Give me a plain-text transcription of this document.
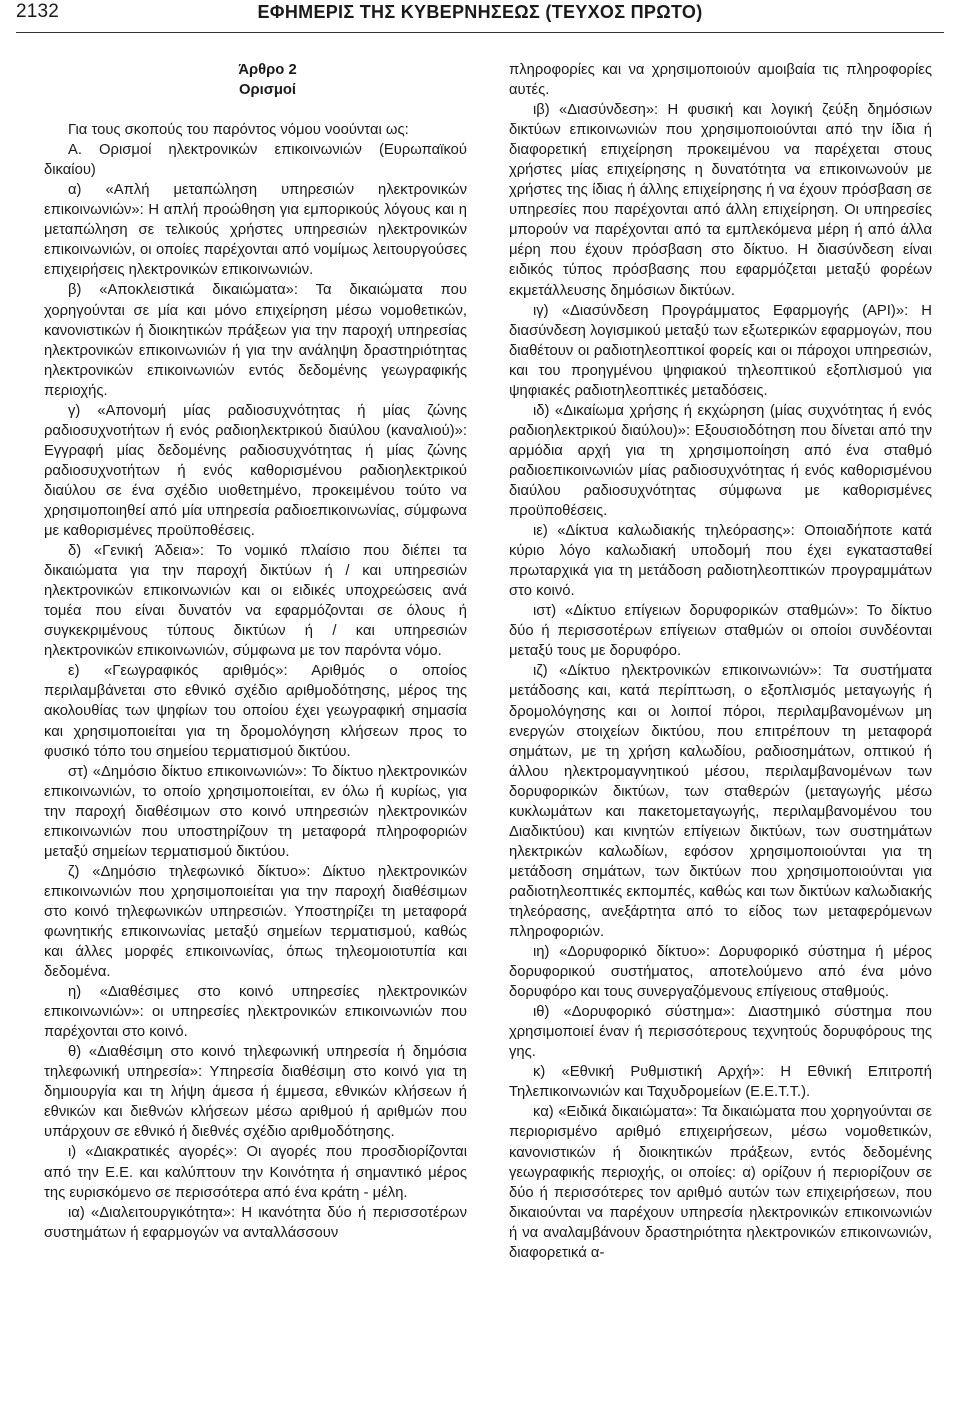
2132	ΕΦΗΜΕΡΙΣ ΤΗΣ ΚΥΒΕΡΝΗΣΕΩΣ (ΤΕΥΧΟΣ ΠΡΩΤΟ)

Άρθρο 2

Ορισμοί

Για τους σκοπούς του παρόντος νόμου νοούνται ως:

Α. Ορισμοί ηλεκτρονικών επικοινωνιών (Ευρωπαϊκού δικαίου)

α) «Απλή μεταπώληση υπηρεσιών ηλεκτρονικών επικοινωνιών»: Η απλή προώθηση για εμπορικούς λόγους και η μεταπώληση σε τελικούς χρήστες υπηρεσιών ηλεκτρονικών επικοινωνιών, οι οποίες παρέχονται από νομίμως λειτουργούσες επιχειρήσεις ηλεκτρονικών επικοινωνιών.

β) «Αποκλειστικά δικαιώματα»: Τα δικαιώματα που χορηγούνται σε μία και μόνο επιχείρηση μέσω νομοθετικών, κανονιστικών ή διοικητικών πράξεων για την παροχή υπηρεσίας ηλεκτρονικών επικοινωνιών ή για την ανάληψη δραστηριότητας ηλεκτρονικών επικοινωνιών εντός δεδομένης γεωγραφικής περιοχής.

γ) «Απονομή μίας ραδιοσυχνότητας ή μίας ζώνης ραδιοσυχνοτήτων ή ενός ραδιοηλεκτρικού διαύλου (καναλιού)»: Εγγραφή μίας δεδομένης ραδιοσυχνότητας ή μίας ζώνης ραδιοσυχνοτήτων ή ενός καθορισμένου ραδιοηλεκτρικού διαύλου σε ένα σχέδιο υιοθετημένο, προκειμένου τούτο να χρησιμοποιηθεί από μία υπηρεσία ραδιοεπικοινωνίας, σύμφωνα με καθορισμένες προϋποθέσεις.

δ) «Γενική Άδεια»: Το νομικό πλαίσιο που διέπει τα δικαιώματα για την παροχή δικτύων ή / και υπηρεσιών ηλεκτρονικών επικοινωνιών και οι ειδικές υποχρεώσεις ανά τομέα που είναι δυνατόν να εφαρμόζονται σε όλους ή συγκεκριμένους τύπους δικτύων ή / και υπηρεσιών ηλεκτρονικών επικοινωνιών, σύμφωνα με τον παρόντα νόμο.

ε) «Γεωγραφικός αριθμός»: Αριθμός ο οποίος περιλαμβάνεται στο εθνικό σχέδιο αριθμοδότησης, μέρος της ακολουθίας των ψηφίων του οποίου έχει γεωγραφική σημασία και χρησιμοποιείται για τη δρομολόγηση κλήσεων προς το φυσικό τόπο του σημείου τερματισμού δικτύου.

στ) «Δημόσιο δίκτυο επικοινωνιών»: Το δίκτυο ηλεκτρονικών επικοινωνιών, το οποίο χρησιμοποιείται, εν όλω ή κυρίως, για την παροχή διαθέσιμων στο κοινό υπηρεσιών ηλεκτρονικών επικοινωνιών που υποστηρίζουν τη μεταφορά πληροφοριών μεταξύ σημείων τερματισμού δικτύου.

ζ) «Δημόσιο τηλεφωνικό δίκτυο»: Δίκτυο ηλεκτρονικών επικοινωνιών που χρησιμοποιείται για την παροχή διαθέσιμων στο κοινό τηλεφωνικών υπηρεσιών. Υποστηρίζει τη μεταφορά φωνητικής επικοινωνίας μεταξύ σημείων τερματισμού, καθώς και άλλες μορφές επικοινωνίας, όπως τηλεομοιοτυπία και δεδομένα.

η) «Διαθέσιμες στο κοινό υπηρεσίες ηλεκτρονικών επικοινωνιών»: οι υπηρεσίες ηλεκτρονικών επικοινωνιών που παρέχονται στο κοινό.

θ) «Διαθέσιμη στο κοινό τηλεφωνική υπηρεσία ή δημόσια τηλεφωνική υπηρεσία»: Υπηρεσία διαθέσιμη στο κοινό για τη δημιουργία και τη λήψη άμεσα ή έμμεσα, εθνικών κλήσεων ή εθνικών και διεθνών κλήσεων μέσω αριθμού ή αριθμών που υπάρχουν σε εθνικό ή διεθνές σχέδιο αριθμοδότησης.

ι) «Διακρατικές αγορές»: Οι αγορές που προσδιορίζονται από την Ε.Ε. και καλύπτουν την Κοινότητα ή σημαντικό μέρος της ευρισκόμενο σε περισσότερα από ένα κράτη - μέλη.

ια) «Διαλειτουργικότητα»: Η ικανότητα δύο ή περισσοτέρων συστημάτων ή εφαρμογών να ανταλλάσσουν

πληροφορίες και να χρησιμοποιούν αμοιβαία τις πληροφορίες αυτές.

ιβ) «Διασύνδεση»: Η φυσική και λογική ζεύξη δημόσιων δικτύων επικοινωνιών που χρησιμοποιούνται από την ίδια ή διαφορετική επιχείρηση προκειμένου να παρέχεται στους χρήστες μίας επιχείρησης η δυνατότητα να επικοινωνούν με χρήστες της ίδιας ή άλλης επιχείρησης ή να έχουν πρόσβαση σε υπηρεσίες που παρέχονται από άλλη επιχείρηση. Οι υπηρεσίες μπορούν να παρέχονται από τα εμπλεκόμενα μέρη ή από άλλα μέρη που έχουν πρόσβαση στο δίκτυο. Η διασύνδεση είναι ειδικός τύπος πρόσβασης που εφαρμόζεται μεταξύ φορέων εκμετάλλευσης δημόσιων δικτύων.

ιγ) «Διασύνδεση Προγράμματος Εφαρμογής (API)»: Η διασύνδεση λογισμικού μεταξύ των εξωτερικών εφαρμογών, που διαθέτουν οι ραδιοτηλεοπτικοί φορείς και οι πάροχοι υπηρεσιών, και του προηγμένου ψηφιακού τηλεοπτικού εξοπλισμού για ψηφιακές ραδιοτηλεοπτικές μεταδόσεις.

ιδ) «Δικαίωμα χρήσης ή εκχώρηση (μίας συχνότητας ή ενός ραδιοηλεκτρικού διαύλου)»: Εξουσιοδότηση που δίνεται από την αρμόδια αρχή για τη χρησιμοποίηση από ένα σταθμό ραδιοεπικοινωνιών μίας ραδιοσυχνότητας ή ενός καθορισμένου διαύλου ραδιοσυχνότητας σύμφωνα με καθορισμένες προϋποθέσεις.

ιε) «Δίκτυα καλωδιακής τηλεόρασης»: Οποιαδήποτε κατά κύριο λόγο καλωδιακή υποδομή που έχει εγκατασταθεί πρωταρχικά για τη μετάδοση ραδιοτηλεοπτικών προγραμμάτων στο κοινό.

ιστ) «Δίκτυο επίγειων δορυφορικών σταθμών»: Το δίκτυο δύο ή περισσοτέρων επίγειων σταθμών οι οποίοι συνδέονται μεταξύ τους με δορυφόρο.

ιζ) «Δίκτυο ηλεκτρονικών επικοινωνιών»: Τα συστήματα μετάδοσης και, κατά περίπτωση, ο εξοπλισμός μεταγωγής ή δρομολόγησης και οι λοιποί πόροι, περιλαμβανομένων μη ενεργών στοιχείων δικτύου, που επιτρέπουν τη μεταφορά σημάτων, με τη χρήση καλωδίου, ραδιοσημάτων, οπτικού ή άλλου ηλεκτρομαγνητικού μέσου, περιλαμβανομένων των δορυφορικών δικτύων, των σταθερών (μεταγωγής μέσω κυκλωμάτων και πακετομεταγωγής, περιλαμβανομένου του Διαδικτύου) και κινητών επίγειων δικτύων, των συστημάτων ηλεκτρικών καλωδίων, εφόσον χρησιμοποιούνται για τη μετάδοση σημάτων, των δικτύων που χρησιμοποιούνται για ραδιοτηλεοπτικές εκπομπές, καθώς και των δικτύων καλωδιακής τηλεόρασης, ανεξάρτητα από το είδος των μεταφερόμενων πληροφοριών.

ιη) «Δορυφορικό δίκτυο»: Δορυφορικό σύστημα ή μέρος δορυφορικού συστήματος, αποτελούμενο από ένα μόνο δορυφόρο και τους συνεργαζόμενους επίγειους σταθμούς.

ιθ) «Δορυφορικό σύστημα»: Διαστημικό σύστημα που χρησιμοποιεί έναν ή περισσότερους τεχνητούς δορυφόρους της γης.

κ) «Εθνική Ρυθμιστική Αρχή»: Η Εθνική Επιτροπή Τηλεπικοινωνιών και Ταχυδρομείων (Ε.Ε.Τ.Τ.).

κα) «Ειδικά δικαιώματα»: Τα δικαιώματα που χορηγούνται σε περιορισμένο αριθμό επιχειρήσεων, μέσω νομοθετικών, κανονιστικών ή διοικητικών πράξεων, εντός δεδομένης γεωγραφικής περιοχής, οι οποίες: α) ορίζουν ή περιορίζουν σε δύο ή περισσότερες τον αριθμό αυτών των επιχειρήσεων, που δικαιούνται να παρέχουν υπηρεσία ηλεκτρονικών επικοινωνιών ή να αναλαμβάνουν δραστηριότητα ηλεκτρονικών επικοινωνιών, διαφορετικά α-
